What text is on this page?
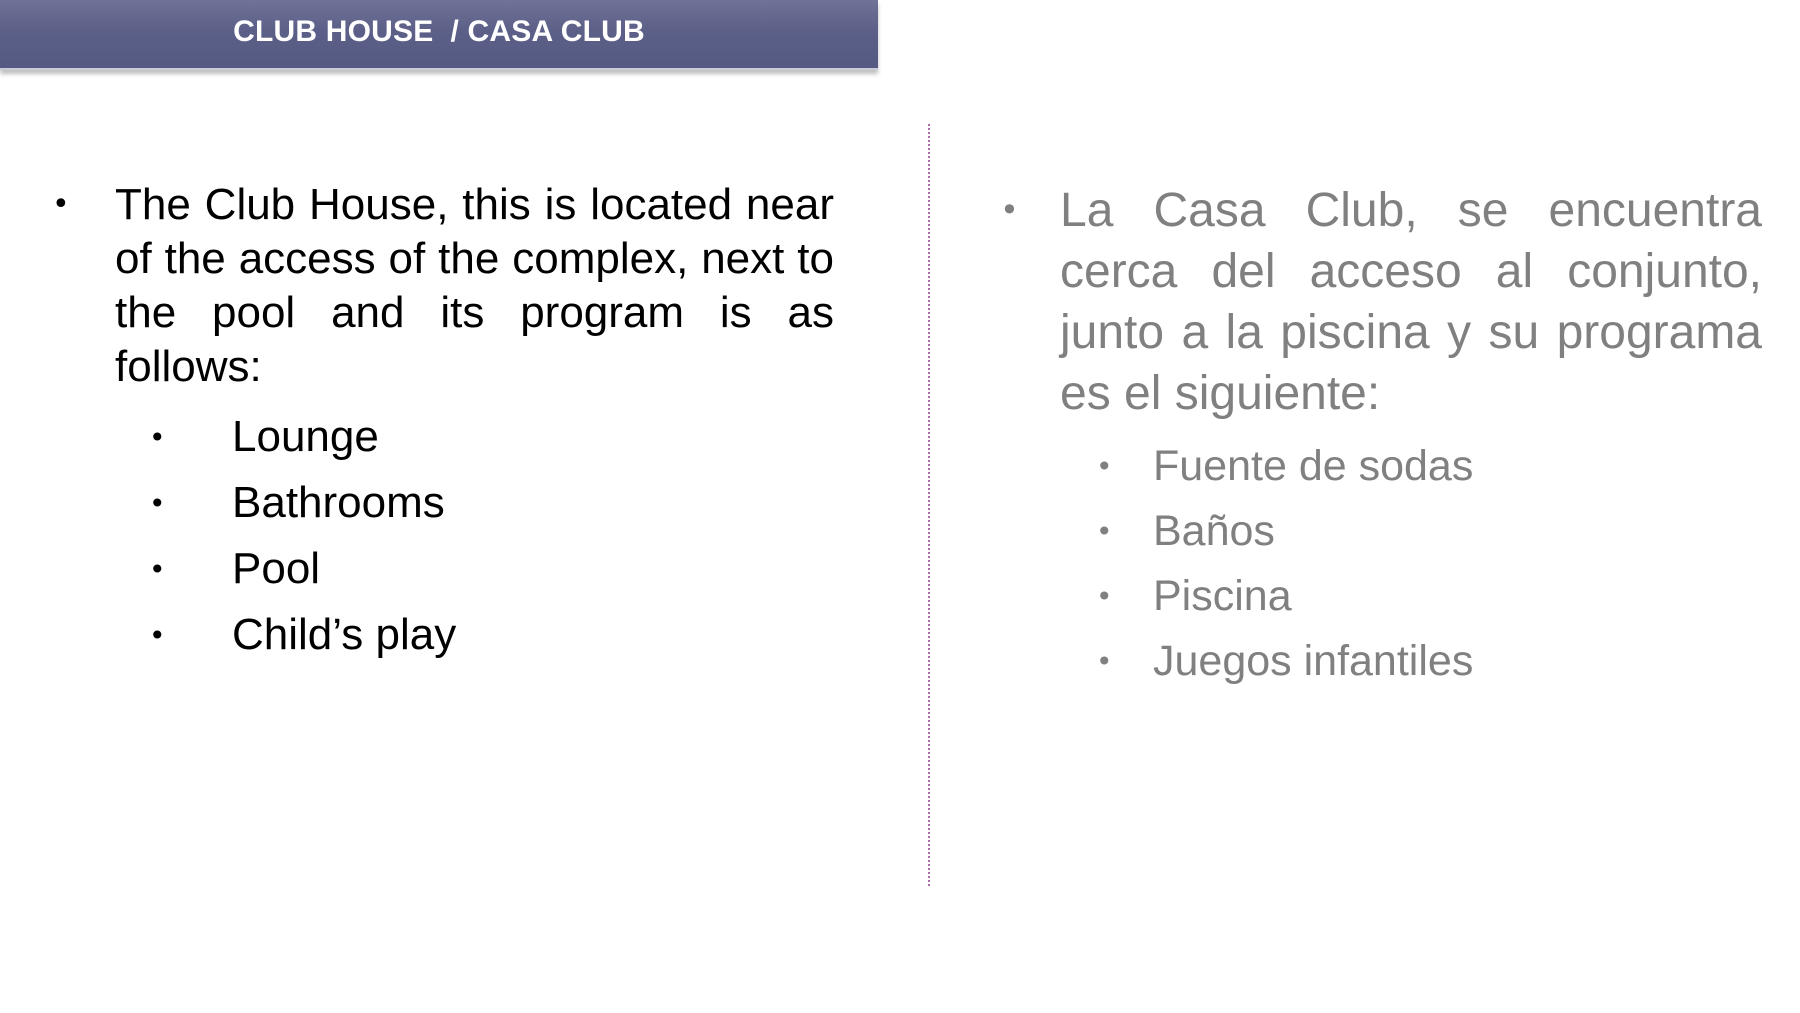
CLUB HOUSE  / CASA CLUB
•	The Club House, this is located near of the access of the complex, next to the pool and its program is as follows:
•	Lounge
•	Bathrooms
•	Pool
•	Child’s play
• La Casa Club, se encuentra cerca del acceso al conjunto, junto a la piscina y su programa es el siguiente:
• Fuente de sodas
• Baños
• Piscina
• Juegos infantiles
